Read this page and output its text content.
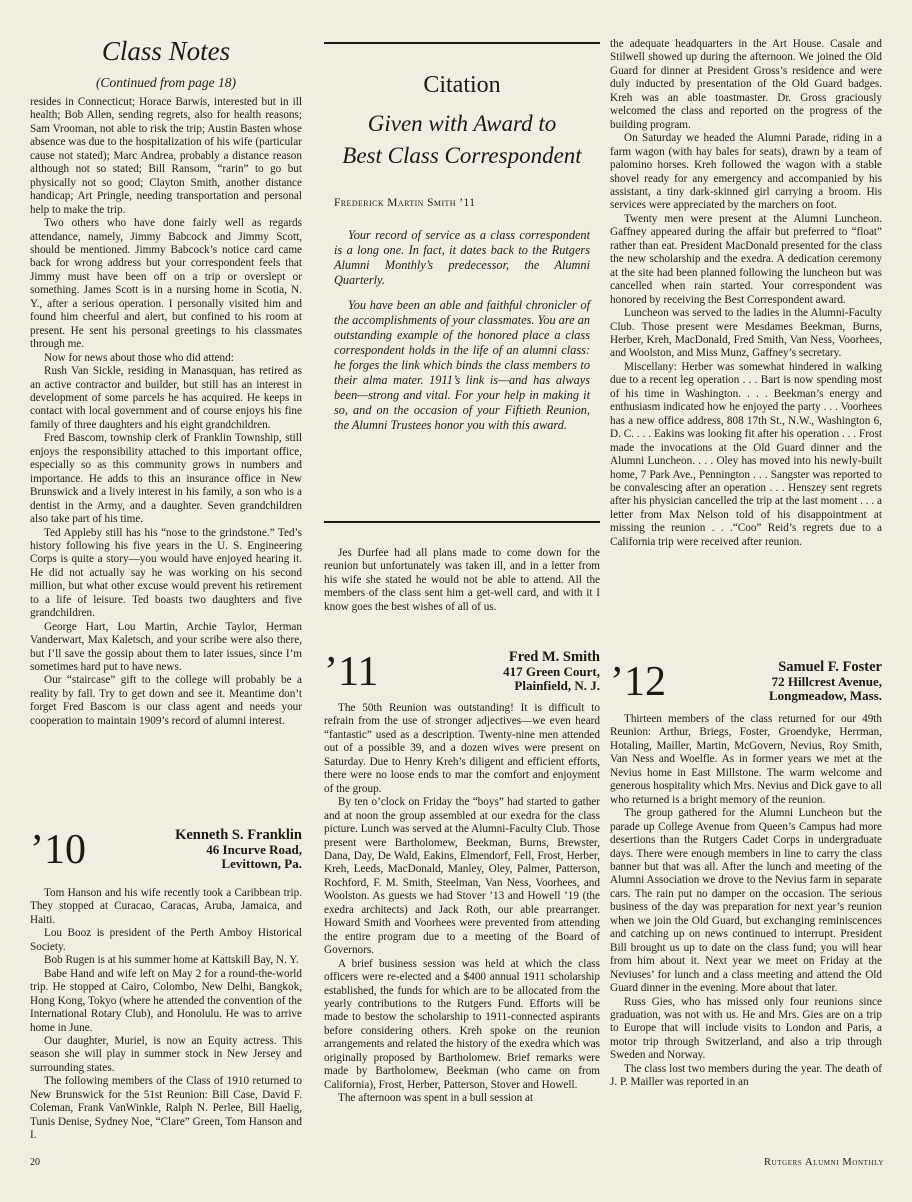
Class Notes

(Continued from page 18)

resides in Connecticut; Horace Barwis, interested but in ill health; Bob Allen, sending regrets, also for health reasons; Sam Vrooman, not able to risk the trip; Austin Basten whose absence was due to the hospitalization of his wife (particular cause not stated); Marc Andrea, probably a distance reason although not so stated; Bill Ransom, “rarin” to go but physically not so good; Clayton Smith, another distance handicap; Art Pringle, needing transportation and personal help to make the trip.

Two others who have done fairly well as regards attendance, namely, Jimmy Babcock and Jimmy Scott, should be mentioned. Jimmy Babcock’s notice card came back for wrong address but your correspondent feels that Jimmy must have been off on a trip or overslept or something. James Scott is in a nursing home in Scotia, N. Y., after a serious operation. I personally visited him and found him cheerful and alert, but confined to his room at present. He sent his personal greetings to his classmates through me.

Now for news about those who did attend:

Rush Van Sickle, residing in Manasquan, has retired as an active contractor and builder, but still has an interest in development of some parcels he has acquired. He keeps in contact with local government and of course enjoys his fine family of three daughters and his eight grandchildren.

Fred Bascom, township clerk of Franklin Township, still enjoys the responsibility attached to this important office, especially so as this community grows in numbers and importance. He adds to this an insurance office in New Brunswick and a lively interest in his family, a son who is a dentist in the Army, and a daughter. Seven grandchildren also take part of his time.

Ted Appleby still has his “nose to the grindstone.” Ted’s history following his five years in the U. S. Engineering Corps is quite a story—you would have enjoyed hearing it. He did not actually say he was working on his second million, but what other excuse would prevent his retirement to a life of leisure. Ted boasts two daughters and five grandchildren.

George Hart, Lou Martin, Archie Taylor, Herman Vanderwart, Max Kaletsch, and your scribe were also there, but I’ll save the gossip about them to later issues, since I’m sometimes hard put to have news.

Our “staircase” gift to the college will probably be a reality by fall. Try to get down and see it. Meantime don’t forget Fred Bascom is our class agent and needs your cooperation to maintain 1909’s record of alumni interest.

’10	Kenneth S. Franklin
46 Incurve Road,
Levittown, Pa.

Tom Hanson and his wife recently took a Caribbean trip. They stopped at Curacao, Caracas, Aruba, Jamaica, and Haiti.

Lou Booz is president of the Perth Amboy Historical Society.

Bob Rugen is at his summer home at Kattskill Bay, N. Y.

Babe Hand and wife left on May 2 for a round-the-world trip. He stopped at Cairo, Colombo, New Delhi, Bangkok, Hong Kong, Tokyo (where he attended the convention of the International Rotary Club), and Honolulu. He was to arrive home in June.

Our daughter, Muriel, is now an Equity actress. This season she will play in summer stock in New Jersey and surrounding states.

The following members of the Class of 1910 returned to New Brunswick for the 51st Reunion: Bill Case, David F. Coleman, Frank VanWinkle, Ralph N. Perlee, Bill Haelig, Tunis Denise, Sydney Noe, “Clare” Green, Tom Hanson and I.

Citation
Given with Award to
Best Class Correspondent

Frederick Martin Smith ’11

Your record of service as a class correspondent is a long one. In fact, it dates back to the Rutgers Alumni Monthly’s predecessor, the Alumni Quarterly.

You have been an able and faithful chronicler of the accomplishments of your classmates. You are an outstanding example of the honored place a class correspondent holds in the life of an alumni class: he forges the link which binds the class members to their alma mater. 1911’s link is—and has always been—strong and vital. For your help in making it so, and on the occasion of your Fiftieth Reunion, the Alumni Trustees honor you with this award.

Jes Durfee had all plans made to come down for the reunion but unfortunately was taken ill, and in a letter from his wife she stated he would not be able to attend. All the members of the class sent him a get-well card, and with it I know goes the best wishes of all of us.

’11	Fred M. Smith
417 Green Court,
Plainfield, N. J.

The 50th Reunion was outstanding! It is difficult to refrain from the use of stronger adjectives—we even heard “fantastic” used as a description. Twenty-nine men attended out of a possible 39, and a dozen wives were present on Saturday. Due to Henry Kreh’s diligent and efficient efforts, there were no loose ends to mar the comfort and enjoyment of the group.

By ten o’clock on Friday the “boys” had started to gather and at noon the group assembled at our exedra for the class picture. Lunch was served at the Alumni-Faculty Club. Those present were Bartholomew, Beekman, Burns, Brewster, Dana, Day, De Wald, Eakins, Elmendorf, Fell, Frost, Herber, Kreh, Leeds, MacDonald, Manley, Oley, Palmer, Patterson, Rochford, F. M. Smith, Steelman, Van Ness, Voorhees, and Woolston. As guests we had Stover ’13 and Howell ’19 (the exedra architects) and Jack Roth, our able prearranger. Howard Smith and Voorhees were prevented from attending the entire program due to a meeting of the Board of Governors.

A brief business session was held at which the class officers were re-elected and a $400 annual 1911 scholarship established, the funds for which are to be allocated from the yearly contributions to the Rutgers Fund. Efforts will be made to bestow the scholarship to 1911-connected aspirants before considering others. Kreh spoke on the reunion arrangements and related the history of the exedra which was originally proposed by Bartholomew. Brief remarks were made by Bartholomew, Beekman (who came on from California), Frost, Herber, Patterson, Stover and Howell.

The afternoon was spent in a bull session at

the adequate headquarters in the Art House. Casale and Stilwell showed up during the afternoon. We joined the Old Guard for dinner at President Gross’s residence and were duly inducted by presentation of the Old Guard badges. Kreh was an able toastmaster. Dr. Gross graciously welcomed the class and reported on the progress of the building program.

On Saturday we headed the Alumni Parade, riding in a farm wagon (with hay bales for seats), drawn by a team of palomino horses. Kreh followed the wagon with a stable shovel ready for any emergency and accompanied by his assistant, a tiny dark-skinned girl carrying a broom. His services were appreciated by the marchers on foot.

Twenty men were present at the Alumni Luncheon. Gaffney appeared during the affair but preferred to “float” rather than eat. President MacDonald presented for the class the new scholarship and the exedra. A dedication ceremony at the site had been planned following the luncheon but was cancelled when rain started. Your correspondent was honored by receiving the Best Correspondent award.

Luncheon was served to the ladies in the Alumni-Faculty Club. Those present were Mesdames Beekman, Burns, Herber, Kreh, MacDonald, Fred Smith, Van Ness, Voorhees, and Woolston, and Miss Munz, Gaffney’s secretary.

Miscellany: Herber was somewhat hindered in walking due to a recent leg operation . . . Bart is now spending most of his time in Washington. . . . Beekman’s energy and enthusiasm indicated how he enjoyed the party . . . Voorhees has a new office address, 808 17th St., N.W., Washington 6, D. C. . . . Eakins was looking fit after his operation . . . Frost made the invocations at the Old Guard dinner and the Alumni Luncheon. . . . Oley has moved into his newly-built home, 7 Park Ave., Pennington . . . Sangster was reported to be convalescing after an operation . . . Henszey sent regrets after his physician cancelled the trip at the last moment . . . a letter from Max Nelson told of his disappointment at missing the reunion . . .“Coo” Reid’s regrets due to a California trip were received after reunion.

’12	Samuel F. Foster
72 Hillcrest Avenue,
Longmeadow, Mass.

Thirteen members of the class returned for our 49th Reunion: Arthur, Briegs, Foster, Groendyke, Herrman, Hotaling, Mailler, Martin, McGovern, Nevius, Roy Smith, Van Ness and Woelfle. As in former years we met at the Nevius home in East Millstone. The warm welcome and generous hospitality which Mrs. Nevius and Dick gave to all who returned is a bright memory of the reunion.

The group gathered for the Alumni Luncheon but the parade up College Avenue from Queen’s Campus had more desertions than the Rutgers Cadet Corps in undergraduate days. There were enough members in line to carry the class banner but that was all. After the lunch and meeting of the Alumni Association we drove to the Nevius farm in separate cars. The rain put no damper on the occasion. The serious business of the day was preparation for next year’s reunion when we join the Old Guard, but exchanging reminiscences and catching up on news continued to interrupt. President Bill brought us up to date on the class fund; you will hear from him about it. Next year we meet on Friday at the Neviuses’ for lunch and a class meeting and attend the Old Guard dinner in the evening. More about that later.

Russ Gies, who has missed only four reunions since graduation, was not with us. He and Mrs. Gies are on a trip to Europe that will include visits to London and Paris, a motor trip through Switzerland, and also a trip through Sweden and Norway.

The class lost two members during the year. The death of J. P. Mailler was reported in an

20	Rutgers Alumni Monthly
